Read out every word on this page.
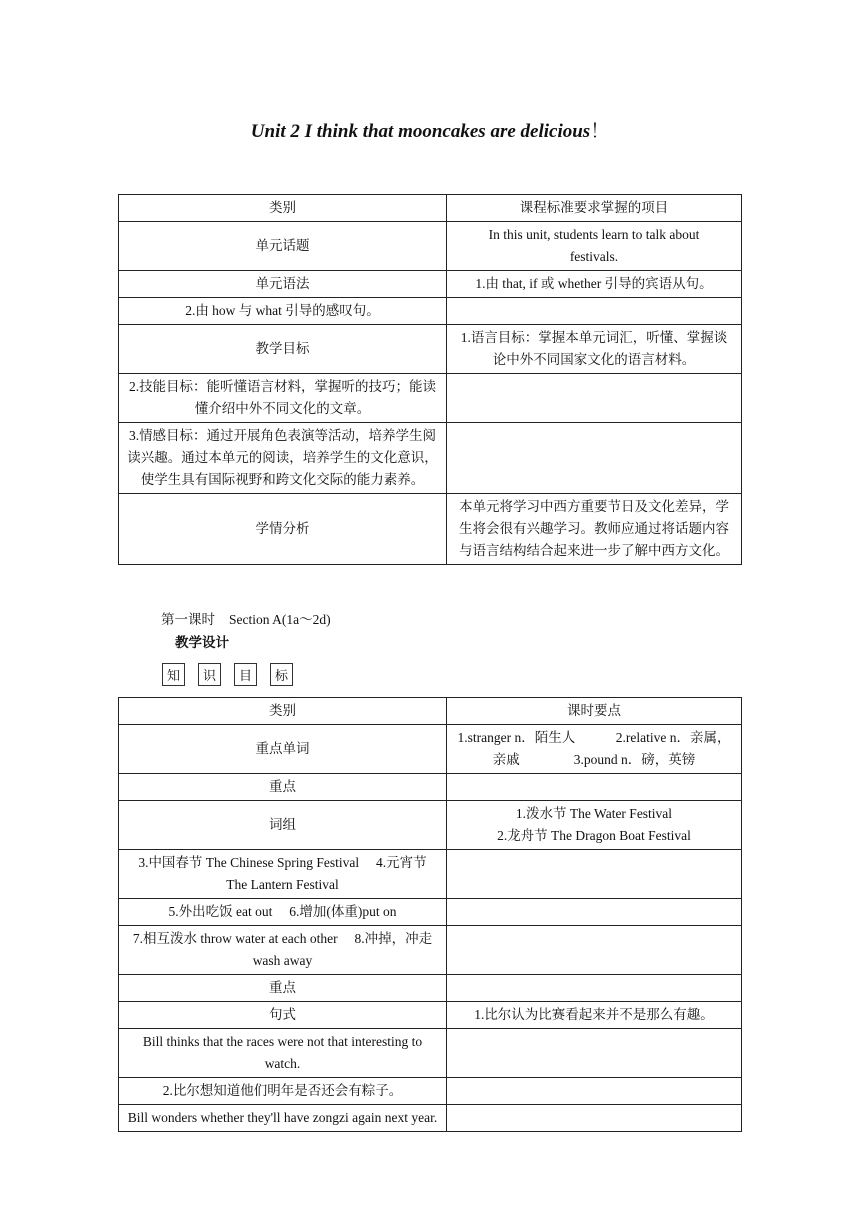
Unit 2 I think that mooncakes are delicious！
类别	课程标准要求掌握的项目
单元话题	In this unit, students learn to talk about festivals.
单元语法	1.由 that, if 或 whether 引导的宾语从句。
2.由 how 与 what 引导的感叹句。	
教学目标	1.语言目标：掌握本单元词汇，听懂、掌握谈论中外不同国家文化的语言材料。
2.技能目标：能听懂语言材料，掌握听的技巧；能读懂介绍中外不同文化的文章。	
3.情感目标：通过开展角色表演等活动，培养学生阅读兴趣。通过本单元的阅读，培养学生的文化意识，使学生具有国际视野和跨文化交际的能力素养。	
学情分析	本单元将学习中西方重要节日及文化差异，学生将会很有兴趣学习。教师应通过将话题内容与语言结构结合起来进一步了解中西方文化。
第一课时 Section A(1a～2d)
教学设计
知	识	目	标
类别	课时要点
重点单词	1.stranger n．陌生人　　　2.relative n．亲属，亲戚　　　　3.pound n．磅，英镑
重点	
词组	1.泼水节 The Water Festival
2.龙舟节 The Dragon Boat Festival
3.中国春节 The Chinese Spring Festival　 4.元宵节 The Lantern Festival	
5.外出吃饭 eat out　 6.增加(体重)put on	
7.相互泼水 throw water at each other　 8.冲掉，冲走 wash away	
重点	
句式	1.比尔认为比赛看起来并不是那么有趣。
Bill thinks that the races were not that interesting to watch.	
2.比尔想知道他们明年是否还会有粽子。	
Bill wonders whether they'll have zongzi again next year.	
